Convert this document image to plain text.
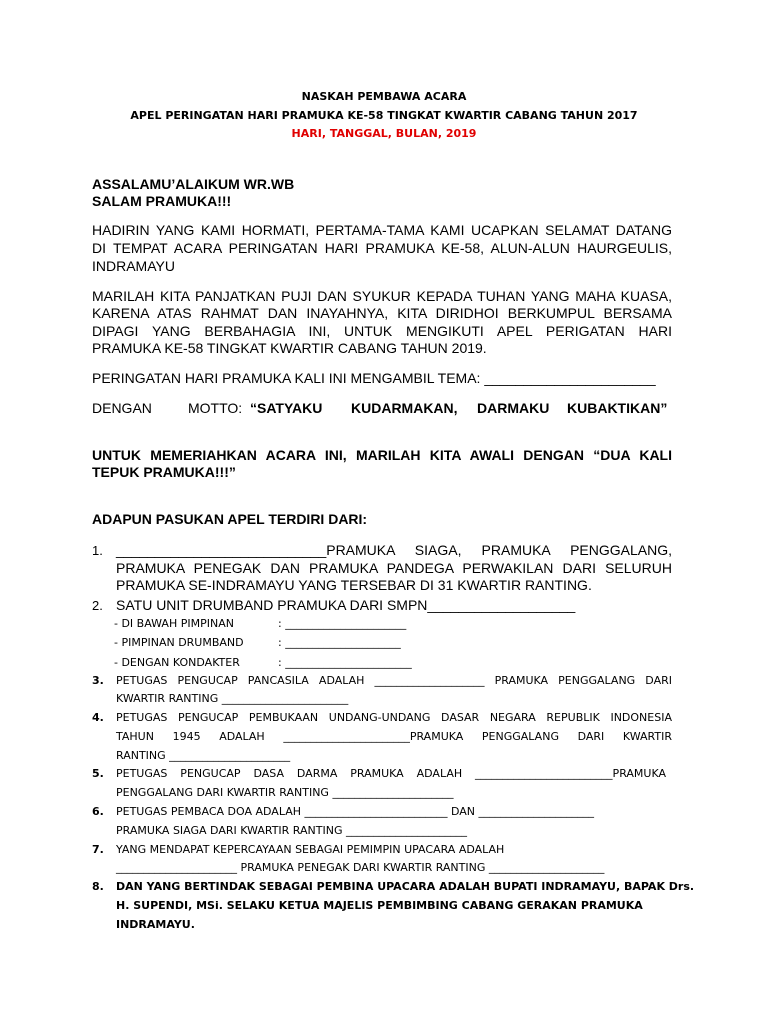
NASKAH PEMBAWA ACARA
APEL PERINGATAN HARI PRAMUKA KE-58 TINGKAT KWARTIR CABANG TAHUN 2017
HARI, TANGGAL, BULAN, 2019
ASSALAMU’ALAIKUM WR.WB
SALAM PRAMUKA!!!
HADIRIN YANG KAMI HORMATI, PERTAMA-TAMA KAMI UCAPKAN SELAMAT DATANG
DI TEMPAT ACARA PERINGATAN HARI PRAMUKA KE-58, ALUN-ALUN HAURGEULIS,
INDRAMAYU
MARILAH KITA PANJATKAN PUJI DAN SYUKUR KEPADA TUHAN YANG MAHA KUASA,
KARENA ATAS RAHMAT DAN INAYAHNYA, KITA DIRIDHOI BERKUMPUL BERSAMA
DIPAGI YANG BERBAHAGIA INI, UNTUK MENGIKUTI APEL PERIGATAN HARI
PRAMUKA KE-58 TINGKAT KWARTIR CABANG TAHUN 2019.
PERINGATAN HARI PRAMUKA KALI INI MENGAMBIL TEMA: ______________________
DENGAN	MOTTO: “SATYAKU KUDARMAKAN, DARMAKU KUBAKTIKAN”
UNTUK MEMERIAHKAN ACARA INI, MARILAH KITA AWALI DENGAN “DUA KALI
TEPUK PRAMUKA!!!”
ADAPUN PASUKAN APEL TERDIRI DARI:
1. ___________________________PRAMUKA SIAGA, PRAMUKA PENGGALANG,
PRAMUKA PENEGAK DAN PRAMUKA PANDEGA PERWAKILAN DARI SELURUH
PRAMUKA SE-INDRAMAYU YANG TERSEBAR DI 31 KWARTIR RANTING.
2. SATU UNIT DRUMBAND PRAMUKA DARI SMPN___________________
- DI BAWAH PIMPINAN	: ______________________
- PIMPINAN DRUMBAND	: _____________________
- DENGAN KONDAKTER	: _______________________
3. PETUGAS PENGUCAP PANCASILA ADALAH ____________________ PRAMUKA PENGGALANG DARI
KWARTIR RANTING _______________________
4. PETUGAS PENGUCAP PEMBUKAAN UNDANG-UNDANG DASAR NEGARA REPUBLIK INDONESIA
TAHUN 1945 ADALAH _______________________PRAMUKA PENGGALANG DARI KWARTIR
RANTING ______________________
5. PETUGAS PENGUCAP DASA DARMA PRAMUKA ADALAH _________________________PRAMUKA
PENGGALANG DARI KWARTIR RANTING ______________________
6. PETUGAS PEMBACA DOA ADALAH __________________________ DAN _____________________
PRAMUKA SIAGA DARI KWARTIR RANTING ______________________
7. YANG MENDAPAT KEPERCAYAAN SEBAGAI PEMIMPIN UPACARA ADALAH
______________________ PRAMUKA PENEGAK DARI KWARTIR RANTING _____________________
8. DAN YANG BERTINDAK SEBAGAI PEMBINA UPACARA ADALAH BUPATI INDRAMAYU, BAPAK Drs.
H. SUPENDI, MSi. SELAKU KETUA MAJELIS PEMBIMBING CABANG GERAKAN PRAMUKA
INDRAMAYU.
